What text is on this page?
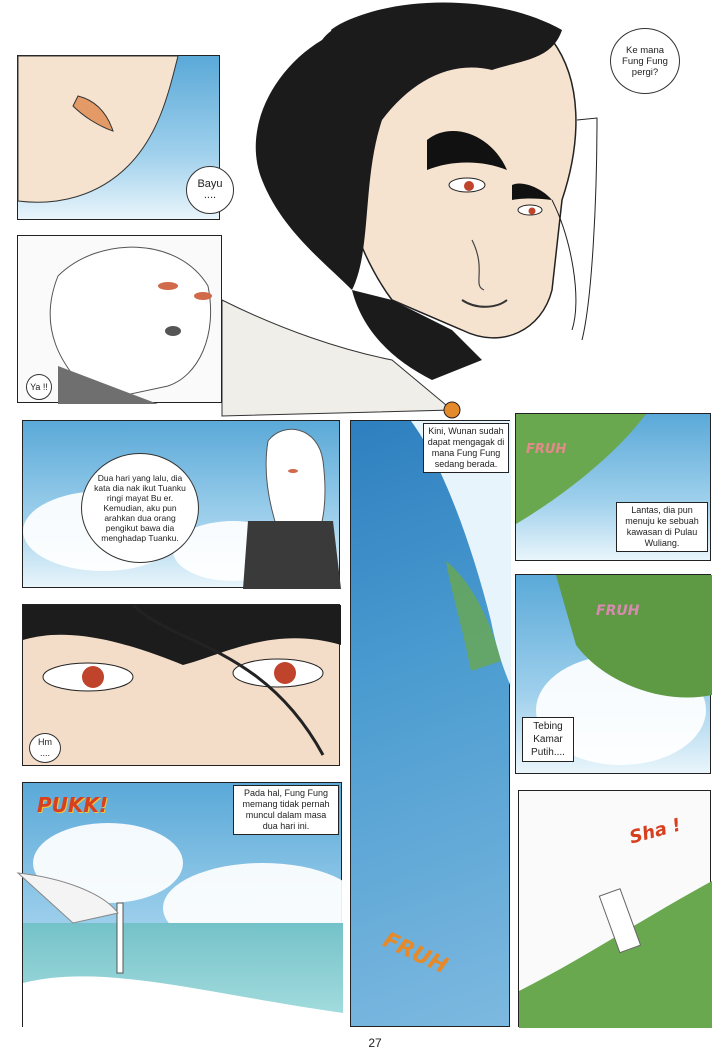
Bayu ....
Ya !!
Ke mana Fung Fung pergi?
Dua hari yang lalu, dia kata dia nak ikut Tuanku ringi mayat Bu er. Kemudian, aku pun arahkan dua orang pengikut bawa dia menghadap Tuanku.
Hm ....
PUKK!	Pada hal, Fung Fung memang tidak pernah muncul dalam masa dua hari ini.
Kini, Wunan sudah dapat mengagak di mana Fung Fung sedang berada.
FRUH
FRUH
Lantas, dia pun menuju ke sebuah kawasan di Pulau Wuliang.
FRUH
Tebing Kamar Putih....
Sha !
27
